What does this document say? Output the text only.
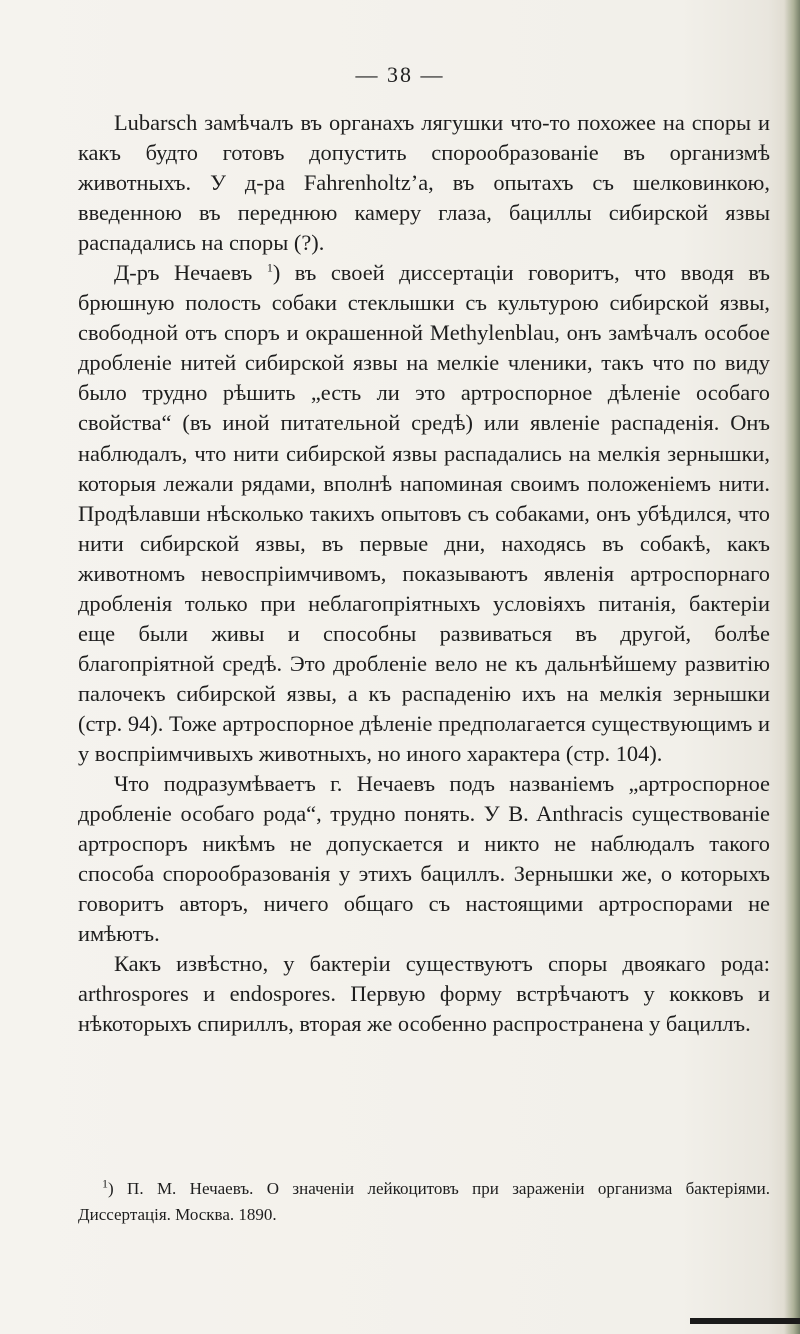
— 38 —

Lubarsch замѣчалъ въ органахъ лягушки что-то похожее на споры и какъ будто готовъ допустить спорообразованіе въ организмѣ животныхъ. У д-ра Fahrenholtz’a, въ опытахъ съ шелковинкою, введенною въ переднюю камеру глаза, бациллы сибирской язвы распадались на споры (?).

Д-ръ Нечаевъ $^1$) въ своей диссертаціи говоритъ, что вводя въ брюшную полость собаки стеклышки съ культурою сибирской язвы, свободной отъ споръ и окрашенной Methylenblau, онъ замѣчалъ особое дробленіе нитей сибирской язвы на мелкіе членики, такъ что по виду было трудно рѣшить „есть ли это артроспорное дѣленіе особаго свойства“ (въ иной питательной средѣ) или явленіе распаденія. Онъ наблюдалъ, что нити сибирской язвы распадались на мелкія зернышки, которыя лежали рядами, вполнѣ напоминая своимъ положеніемъ нити. Продѣлавши нѣсколько такихъ опытовъ съ собаками, онъ убѣдился, что нити сибирской язвы, въ первые дни, находясь въ собакѣ, какъ животномъ невоспріимчивомъ, показываютъ явленія артроспорнаго дробленія только при неблагопріятныхъ условіяхъ питанія, бактеріи еще были живы и способны развиваться въ другой, болѣе благопріятной средѣ. Это дробленіе вело не къ дальнѣйшему развитію палочекъ сибирской язвы, а къ распаденію ихъ на мелкія зернышки (стр. 94). Тоже артроспорное дѣленіе предполагается существующимъ и у воспріимчивыхъ животныхъ, но иного характера (стр. 104).

Что подразумѣваетъ г. Нечаевъ подъ названіемъ „артроспорное дробленіе особаго рода“, трудно понять. У B. Anthracis существованіе артроспоръ никѣмъ не допускается и никто не наблюдалъ такого способа спорообразованія у этихъ бациллъ. Зернышки же, о которыхъ говоритъ авторъ, ничего общаго съ настоящими артроспорами не имѣютъ.

Какъ извѣстно, у бактеріи существуютъ споры двоякаго рода: arthrosporеs и endospores. Первую форму встрѣчаютъ у кокковъ и нѣкоторыхъ спириллъ, вторая же особенно распространена у бациллъ.

$^1$) П. М. Нечаевъ. О значеніи лейкоцитовъ при зараженіи организма бактеріями. Диссертація. Москва. 1890.
